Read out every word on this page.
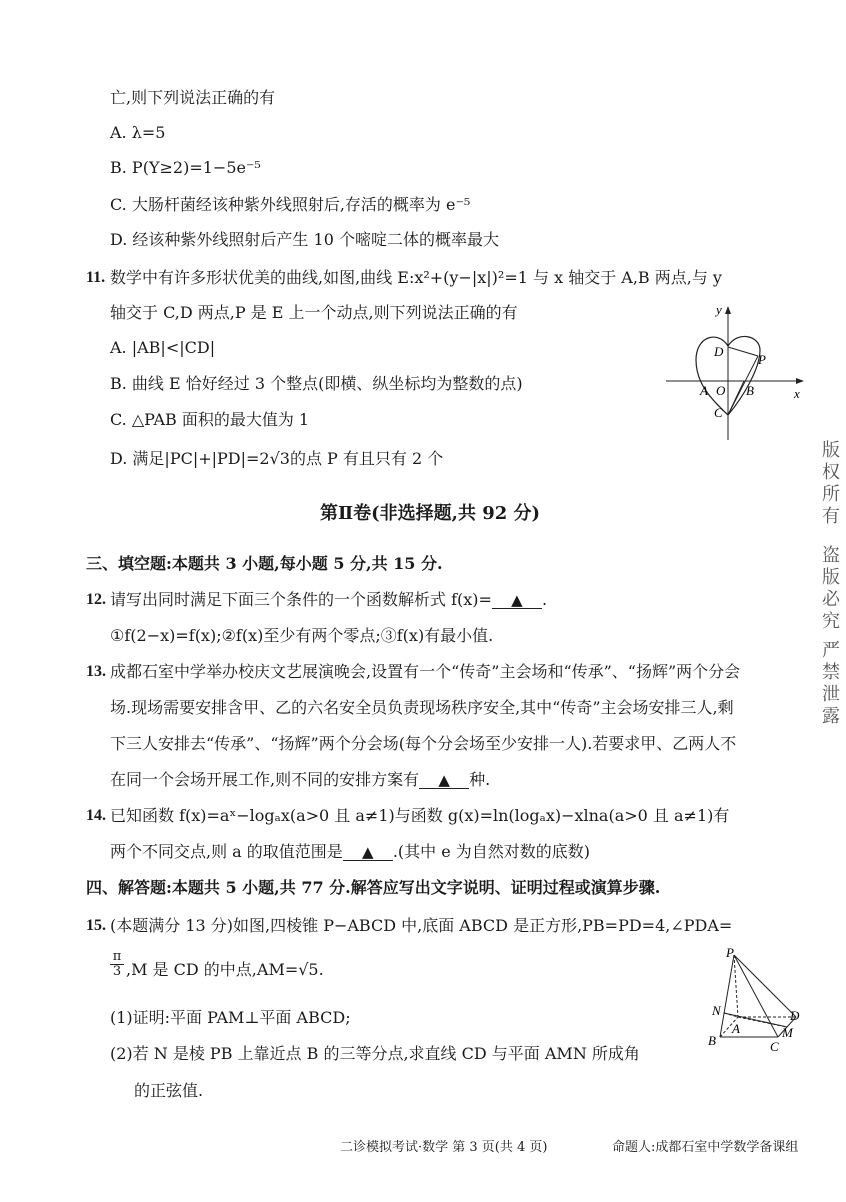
亡,则下列说法正确的有
A. λ=5
B. P(Y≥2)=1−5e⁻⁵
C. 大肠杆菌经该种紫外线照射后,存活的概率为 e⁻⁵
D. 经该种紫外线照射后产生 10 个嘧啶二体的概率最大
11. 数学中有许多形状优美的曲线,如图,曲线 E:x²+(y−|x|)²=1 与 x 轴交于 A,B 两点,与 y
轴交于 C,D 两点,P 是 E 上一个动点,则下列说法正确的有
A. |AB|<|CD|
B. 曲线 E 恰好经过 3 个整点(即横、纵坐标均为整数的点)
C. △PAB 面积的最大值为 1
D. 满足|PC|+|PD|=2√3的点 P 有且只有 2 个
y
x
D
P
A O B
C
第Ⅱ卷(非选择题,共 92 分)
三、填空题:本题共 3 小题,每小题 5 分,共 15 分.
12. 请写出同时满足下面三个条件的一个函数解析式 f(x)= ▲ .
①f(2−x)=f(x);②f(x)至少有两个零点;③f(x)有最小值.
13. 成都石室中学举办校庆文艺展演晚会,设置有一个“传奇”主会场和“传承”、“扬辉”两个分会
场.现场需要安排含甲、乙的六名安全员负责现场秩序安全,其中“传奇”主会场安排三人,剩
下三人安排去“传承”、“扬辉”两个分会场(每个分会场至少安排一人).若要求甲、乙两人不
在同一个会场开展工作,则不同的安排方案有 ▲ 种.
14. 已知函数 f(x)=aˣ−logₐx(a>0 且 a≠1)与函数 g(x)=ln(logₐx)−xlna(a>0 且 a≠1)有
两个不同交点,则 a 的取值范围是 ▲ .(其中 e 为自然对数的底数)
四、解答题:本题共 5 小题,共 77 分.解答应写出文字说明、证明过程或演算步骤.
15. (本题满分 13 分)如图,四棱锥 P−ABCD 中,底面 ABCD 是正方形,PB=PD=4,∠PDA=
$\frac{\pi}{3} ,M$ 是 CD 的中点,AM=√5.
(1)证明:平面 PAM⊥平面 ABCD;
(2)若 N 是棱 PB 上靠近点 B 的三等分点,求直线 CD 与平面 AMN 所成角
的正弦值.
P
N	D
A	M
B	C
二诊模拟考试·数学 第 3 页(共 4 页)	命题人:成都石室中学数学备课组
版权所有
盗版必究
严禁泄露
